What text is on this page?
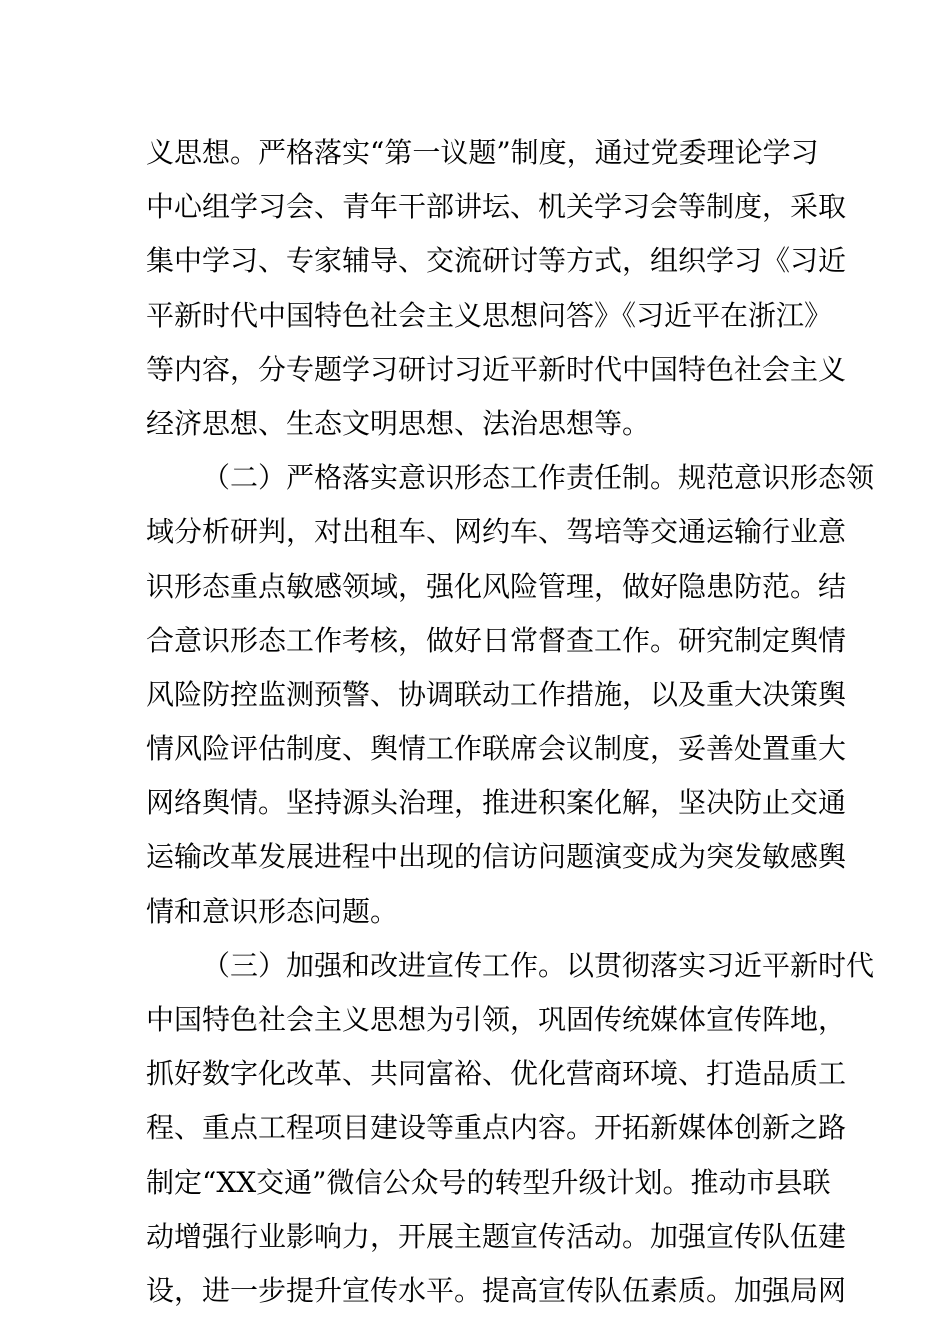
义思想。严格落实“第一议题”制度，通过党委理论学习
中心组学习会、青年干部讲坛、机关学习会等制度，采取
集中学习、专家辅导、交流研讨等方式，组织学习《习近
平新时代中国特色社会主义思想问答》《习近平在浙江》
等内容，分专题学习研讨习近平新时代中国特色社会主义
经济思想、生态文明思想、法治思想等。
（二）严格落实意识形态工作责任制。规范意识形态领
域分析研判，对出租车、网约车、驾培等交通运输行业意
识形态重点敏感领域，强化风险管理，做好隐患防范。结
合意识形态工作考核，做好日常督查工作。研究制定舆情
风险防控监测预警、协调联动工作措施，以及重大决策舆
情风险评估制度、舆情工作联席会议制度，妥善处置重大
网络舆情。坚持源头治理，推进积案化解，坚决防止交通
运输改革发展进程中出现的信访问题演变成为突发敏感舆
情和意识形态问题。
（三）加强和改进宣传工作。以贯彻落实习近平新时代
中国特色社会主义思想为引领，巩固传统媒体宣传阵地，
抓好数字化改革、共同富裕、优化营商环境、打造品质工
程、重点工程项目建设等重点内容。开拓新媒体创新之路
制定“XX交通”微信公众号的转型升级计划。推动市县联
动增强行业影响力，开展主题宣传活动。加强宣传队伍建
设，进一步提升宣传水平。提高宣传队伍素质。加强局网
